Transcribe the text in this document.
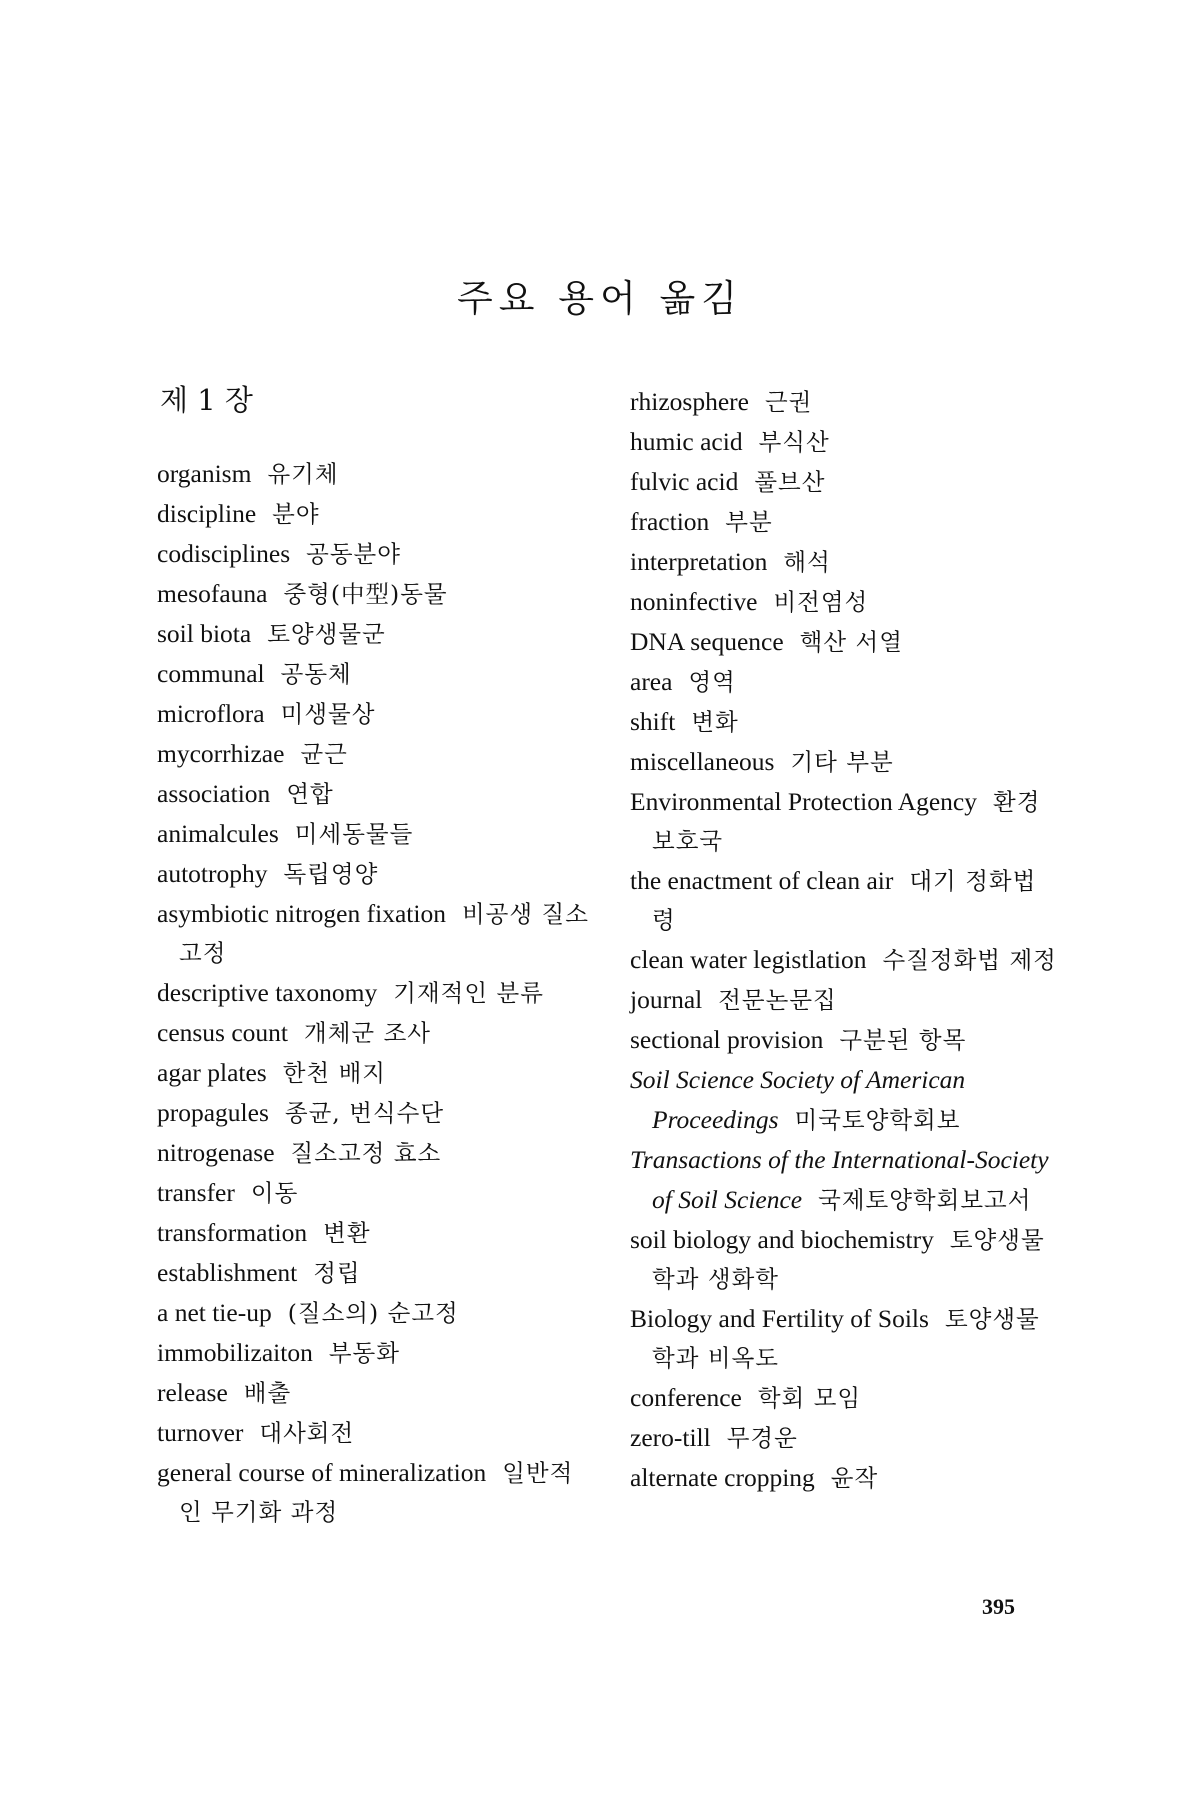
주요 용어 옮김
제 1 장
organism 유기체
discipline 분야
codisciplines 공동분야
mesofauna 중형(中型)동물
soil biota 토양생물군
communal 공동체
microflora 미생물상
mycorrhizae 균근
association 연합
animalcules 미세동물들
autotrophy 독립영양
asymbiotic nitrogen fixation 비공생 질소고정
descriptive taxonomy 기재적인 분류
census count 개체군 조사
agar plates 한천 배지
propagules 종균, 번식수단
nitrogenase 질소고정 효소
transfer 이동
transformation 변환
establishment 정립
a net tie-up (질소의) 순고정
immobilizaiton 부동화
release 배출
turnover 대사회전
general course of mineralization 일반적인 무기화 과정
rhizosphere 근권
humic acid 부식산
fulvic acid 풀브산
fraction 부분
interpretation 해석
noninfective 비전염성
DNA sequence 핵산 서열
area 영역
shift 변화
miscellaneous 기타 부분
Environmental Protection Agency 환경보호국
the enactment of clean air 대기 정화법령
clean water legistlation 수질정화법 제정
journal 전문논문집
sectional provision 구분된 항목
Soil Science Society of American Proceedings 미국토양학회보
Transactions of the International-Society of Soil Science 국제토양학회보고서
soil biology and biochemistry 토양생물학과 생화학
Biology and Fertility of Soils 토양생물학과 비옥도
conference 학회 모임
zero-till 무경운
alternate cropping 윤작
395
